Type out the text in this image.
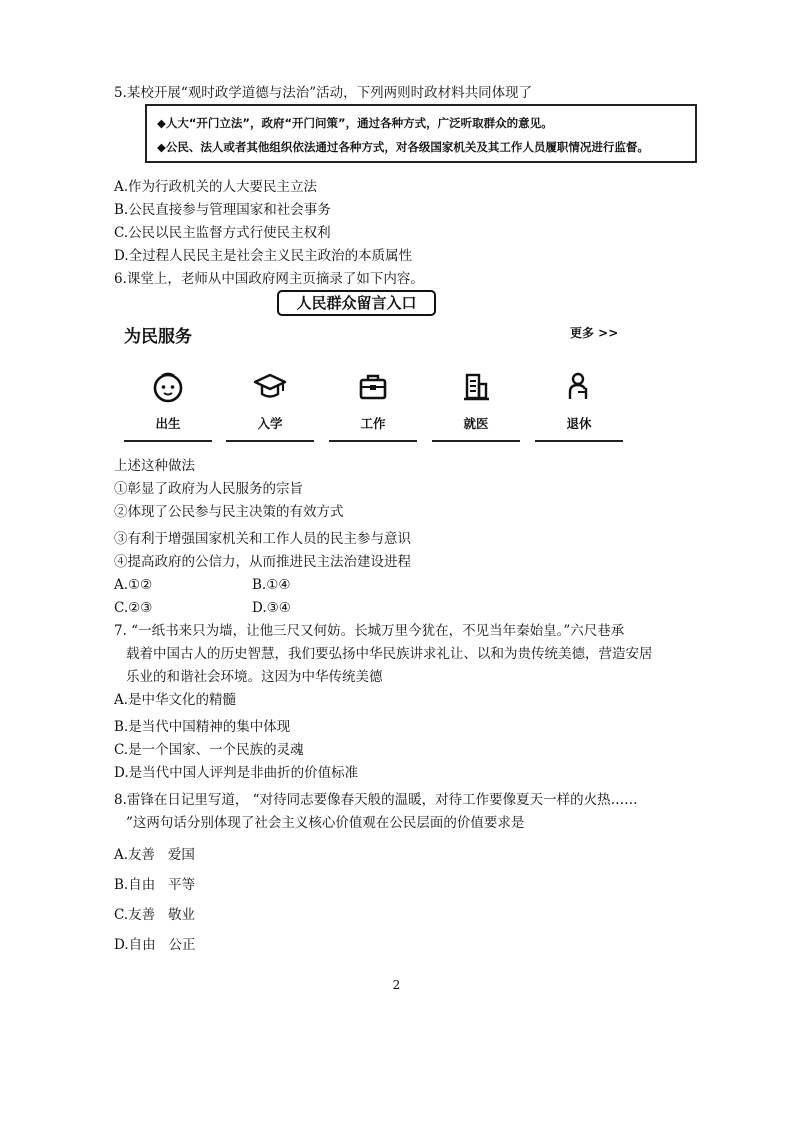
5.某校开展“观时政学道德与法治”活动，下列两则时政材料共同体现了
◆人大“开门立法”，政府“开门问策”，通过各种方式，广泛听取群众的意见。
◆公民、法人或者其他组织依法通过各种方式，对各级国家机关及其工作人员履职情况进行监督。
A.作为行政机关的人大要民主立法
B.公民直接参与管理国家和社会事务
C.公民以民主监督方式行使民主权利
D.全过程人民民主是社会主义民主政治的本质属性
6.课堂上，老师从中国政府网主页摘录了如下内容。
人民群众留言入口
为民服务	更多 >>
出生	入学	工作	就医	退休
上述这种做法
①彰显了政府为人民服务的宗旨
②体现了公民参与民主决策的有效方式
③有利于增强国家机关和工作人员的民主参与意识
④提高政府的公信力，从而推进民主法治建设进程
A.①②	B.①④
C.②③	D.③④
7. “一纸书来只为墙，让他三尺又何妨。长城万里今犹在，不见当年秦始皇。”六尺巷承
载着中国古人的历史智慧，我们要弘扬中华民族讲求礼让、以和为贵传统美德，营造安居
乐业的和谐社会环境。这因为中华传统美德
A.是中华文化的精髓
B.是当代中国精神的集中体现
C.是一个国家、一个民族的灵魂
D.是当代中国人评判是非曲折的价值标准
8.雷锋在日记里写道， “对待同志要像春天般的温暖，对待工作要像夏天一样的火热……
”这两句话分别体现了社会主义核心价值观在公民层面的价值要求是
A.友善   爱国
B.自由   平等
C.友善   敬业
D.自由   公正
2
